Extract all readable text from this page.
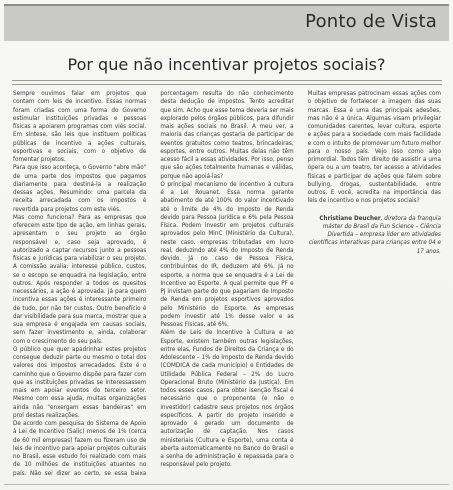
Ponto de Vista
Por que não incentivar projetos sociais?

Sempre ouvimos falar em projetos que contam com leis de incentivo. Essas normas foram criadas com uma forma do Governo estimular instituições privadas e pessoas físicas a apoiarem programas com viés social. Em síntese, são leis que instituem políticas públicas de incentivo a ações culturais, esportivas e sociais, com o objetivo de fomentar projetos.

Para que isso aconteça, o Governo "abre mão" de uma parte dos impostos que pagamos diariamente para destiná-la a realização dessas ações. Resumindo: uma parcela da receita arrecadada com os impostos é revertida para projetos com este viés.

Mas como funciona? Para as empresas que oferecem este tipo de ação, em linhas gerais, apresentam o seu projeto ao órgão responsável e, caso seja aprovado, é autorizado a captar recursos junto a pessoas físicas e jurídicas para viabilizar o seu projeto. A comissão avalia: interesse público, custos, se o escopo se enquadra na legislação, entre outros. Após responder a todos os quesitos necessários, a ação é aprovada. Já para quem incentiva essas ações é interessante primeiro de tudo, por não ter custos. Outro benefício é dar visibilidade para sua marca, mostrar que a sua empresa é engajada em causas sociais, sem fazer investimento e, ainda, colaborar com o crescimento do seu país.

O público que quer apadrinhar estes projetos consegue deduzir parte ou mesmo o total dos valores dos impostos arrecadados. Este é o caminho que o Governo dispõe para fazer com que as instituições privadas se interessassem mais em apoiar eventos do terceiro setor. Mesmo com essa ajuda, muitas organizações ainda não "enxergam essas bandeiras" em prol destas realizações.

De acordo com pesquisa do Sistema de Apoio à Lei de Incentivo (Salic) menos de 1% (cerca de 60 mil empresas) fazem ou fizeram uso de leis de incentivo para apoiar projetos culturais no Brasil, esse estudo foi realizado com mais de 10 milhões de instituições atuantes no país. Não sei dizer ao certo, se essa baixa porcentagem resulta do não conhecimento desta dedução de impostos. Tento acreditar que sim. Acho que esse tema deveria ser mais explorado pelos órgãos públicos, para difundir mais ações sociais no Brasil. A meu ver, a maioria das crianças gostaria de participar de eventos gratuitos como teatros, brincadeiras, esportes, entre outros. Muitas delas não têm acesso fácil a essas atividades. Por isso, penso que são ações totalmente humanas e válidas, porque não apoiá-las?

O principal mecanismo de incentivo à cultura é a Lei Rouanet. Essa norma garante abatimento de até 100% do valor incentivado até o limite de 4% do Imposto de Renda devido para Pessoa Jurídica e 6% pela Pessoa Física. Podem investir em projetos culturais aprovados pelo MinC (Ministério da Cultura), neste caso, empresas tributadas em lucro real, deduzindo até 4% do Imposto de Renda devido. Já no caso de Pessoa Física, contribuintes do IR, deduzem até 6%. Já no esporte, a norma que se enquadra é a Lei de Incentivo ao Esporte. A qual permite que PF e PJ invistam parte do que pagariam de Imposto de Renda em projetos esportivos aprovados pelo Ministério do Esporte. As empresas podem investir até 1% desse valor e as Pessoas Físicas, até 6%.

Além de Leis de Incentivo à Cultura e ao Esporte, existem também outras legislações, entre elas, Fundos de Direitos da Criança e do Adolescente – 1% do Imposto de Renda devido (COMDICA de cada município) e Entidades de Utilidade Pública Federal – 2% do Lucro Operacional Bruto (Ministério da Justiça). Em todos esses casos, para obter isenção fiscal é necessário que o proponente (e não o investidor) cadastre seus projetos nos órgãos específicos. A partir do projeto inserido e aprovado é gerado um documento de autorização de captação. Nos casos ministeriais (Cultura e Esporte), uma conta é aberta automaticamente no Banco do Brasil e a senha de administração é repassada para o responsável pelo projeto.

Muitas empresas patrocinam essas ações com o objetivo de fortalecer a imagem das suas marcas. Essa é uma das principais adesões, mas não é a única. Algumas visam privilegiar comunidades carentes, levar cultura, esporte e ações para a sociedade com mais facilidade e com o intuito de promover um futuro melhor para o nosso país. Vejo isso como algo primordial. Todos têm direito de assistir a uma ópera ou a um teatro, ter acesso a atividades físicas e participar de ações que falem sobre bullying, drogas, sustentabilidade, entre outros. E você, acredita na importância das leis de incentivo e nos projetos sociais?

Christiane Deucher, diretora da franquia máster do Brasil da Fun Science – Ciência Divertida – empresa líder em atividades científicas interativas para crianças entre 04 e 17 anos.
